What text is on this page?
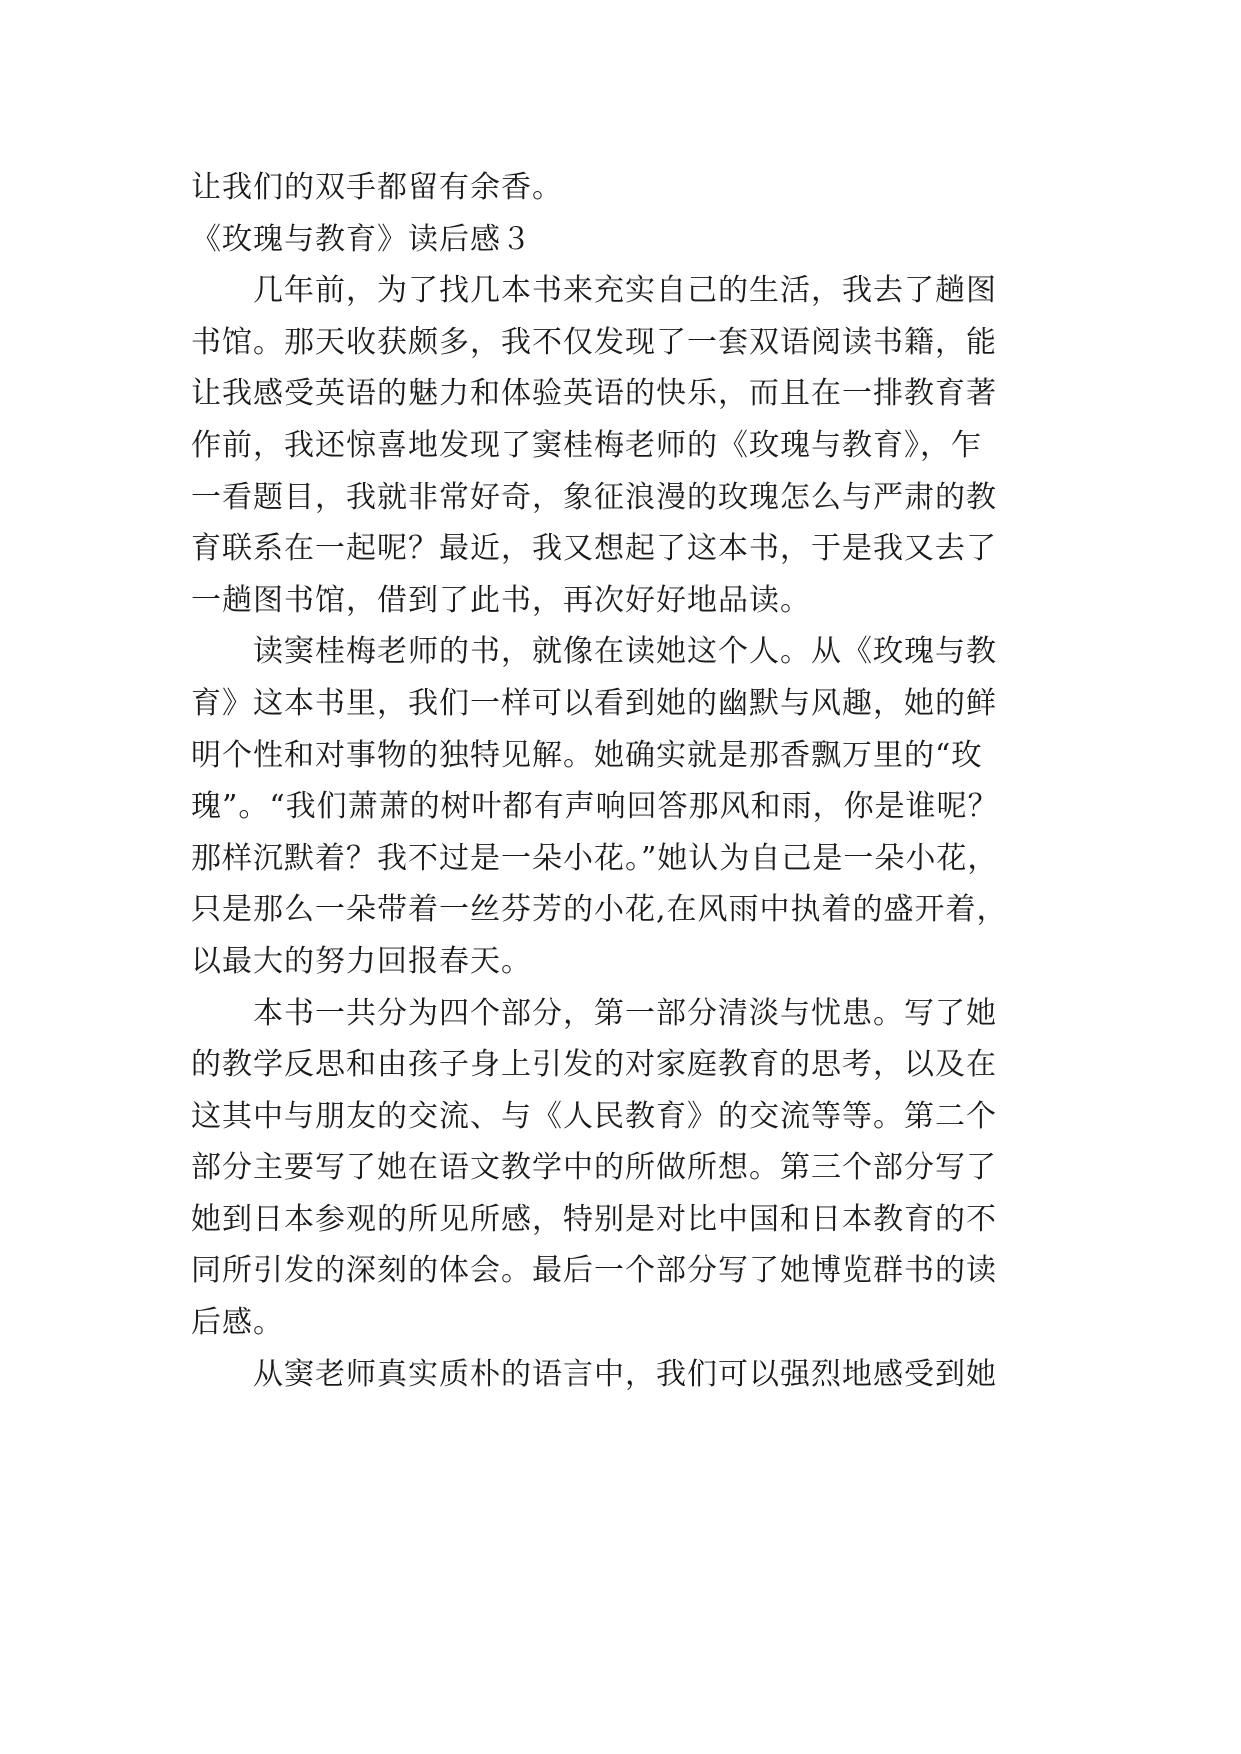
让我们的双手都留有余香。

《玫瑰与教育》读后感３

几年前，为了找几本书来充实自己的生活，我去了趟图

书馆。那天收获颇多，我不仅发现了一套双语阅读书籍，能

让我感受英语的魅力和体验英语的快乐，而且在一排教育著

作前，我还惊喜地发现了窦桂梅老师的《玫瑰与教育》，乍

一看题目，我就非常好奇，象征浪漫的玫瑰怎么与严肃的教

育联系在一起呢？最近，我又想起了这本书，于是我又去了

一趟图书馆，借到了此书，再次好好地品读。

读窦桂梅老师的书，就像在读她这个人。从《玫瑰与教

育》这本书里，我们一样可以看到她的幽默与风趣，她的鲜

明个性和对事物的独特见解。她确实就是那香飘万里的“玫

瑰”。“我们萧萧的树叶都有声响回答那风和雨，你是谁呢？

那样沉默着？我不过是一朵小花。”她认为自己是一朵小花，

只是那么一朵带着一丝芬芳的小花,在风雨中执着的盛开着，

以最大的努力回报春天。

本书一共分为四个部分，第一部分清淡与忧患。写了她

的教学反思和由孩子身上引发的对家庭教育的思考，以及在

这其中与朋友的交流、与《人民教育》的交流等等。第二个

部分主要写了她在语文教学中的所做所想。第三个部分写了

她到日本参观的所见所感，特别是对比中国和日本教育的不

同所引发的深刻的体会。最后一个部分写了她博览群书的读

后感。

从窦老师真实质朴的语言中，我们可以强烈地感受到她
